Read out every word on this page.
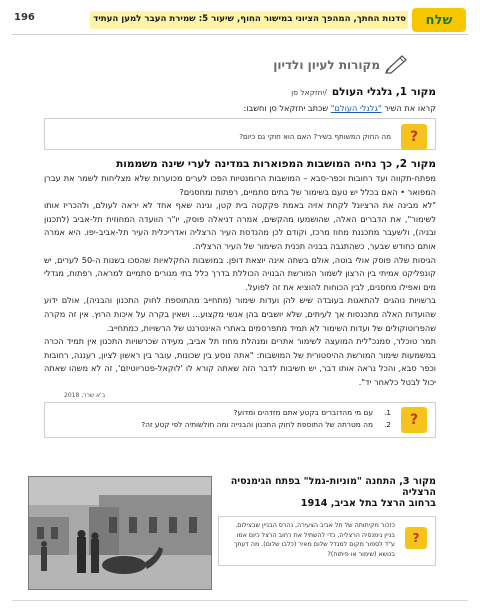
196	סדנות החתך, המהפך הציוני במישור החוף, שיעור 5: שמירת העבר למען העתיד שלח
מקורות לעיון ולדיון
מקור 1, גלגלי העולם /יחזקאל סן
קראו את השיר "גלגלי העולם" שכתב יחזקאל סן וחשבו:
?
מה החוק המשותף בשיר? האם הוא חוקי גם כיום?
מקור 2, כך נחיה המושבות המפוארות במדינה לערי שינה משממות
מפתח-תקווה ועד רחובות וכפר-סבא – המושבות הרומנטיות הפכו לערים מכוערות שלא מצליחות לשמר את עברן המפואר • האם בכלל יש טעם בשימור של בתים סתמיים, רפתות ומחסנים?
"לא מבינה את הרציונל לקחת אזיה באמת פקקטה בית קטן, וגינה שאף אחד לא יראה לעולם, ולהכריז אותו לשימור", את הדברים האלה, שהושמעו מהקשים, אמרה דניאלה פוסק, יו"ר הוועדה המחוזית תל-אביב (לתכנון ובניה), ולשעבר מתכננת מחוז מרכז, וקודם לכן מהנדסת העיר הרצליה ואדריכלית העיר תל-אביב-יפו. היא אמרה אותם כחודש שבער, כשהתגבה בבניה תכנית השימור של העיר הרצליה.
הגיסות שלה פוסק אולי בוטה, אולם בשתה אינה יוצאת דופן. במושבות החקלאיות שהסכו בשנות ה-50 לערים, יש קונפליקט אמיתי בין הרצון לשמור המורשת הבנויה הכוללת בדרך כלל בתי מגורים סתמיים למראה, רפתות, מגדלי מים ואפילו מחסנים, לבין הכוחות להוציא את זה לפועל.
ברשויות נוהגים להתאגות בעובדה שיש להן ועדות שימור (מתחייב מהתוספת לחוק התכנון והבניה), אולם ידוע שהועדות האלה מתכנסות אך לעיתים, שלא יושבים בהן אנשי מקצוע... ושאין בקרה על איכות הרוץ. אין זה מקרה שהפרוטוקולים של ועדות השימור לא תמיד מתפרסמים באתרי האינטרנט של הרשויות, כמתחייב.
תמר טוכלר, סמנכ"לית המועצה לשימור אתרים ומנהלת מחוז תל אביב, מעידה שכרשויות התכנון אין תמיד הכרה במשמעות שימור המורשת ההיסטורית של המושבות: "אתה נוסע בין שכונות, עובר בין ראשון לציון, רעננה, רחובות וכפר סבא, והכל נראה אותו דבר, יש חשיבות לדבר הזה שאתה קורא לו 'לוקאל-פטריוטיזם', זה לא משהו שאתה יכול לבטל כלאחר יד".
ב'א שרר, 2018
?
1.
עם מי מהדוברים בקטע אתם מזדהים ומדוע?
2.
מה מטרתה של התוספת לחוק התכנון והבנייה ומה חולשותיה לפי קטע זה?
מקור 3, התחנה "מוניות-גמל" בפתח הגימנסיה הרצליה
ברחוב הרצל בתל אביב, 1914
?
כזכור מקיתותה של תל אביב הצעירה, נהרס הבניין שבצילום. בניין גימנסיה הרצליה, כדי להשתיל את רחוב הרצל כיום אמו ע"ד לספור מקום למגדל שלום מאיר (כלבו שלום). מה דעתך בנושא (שימור או פיתוח)?
